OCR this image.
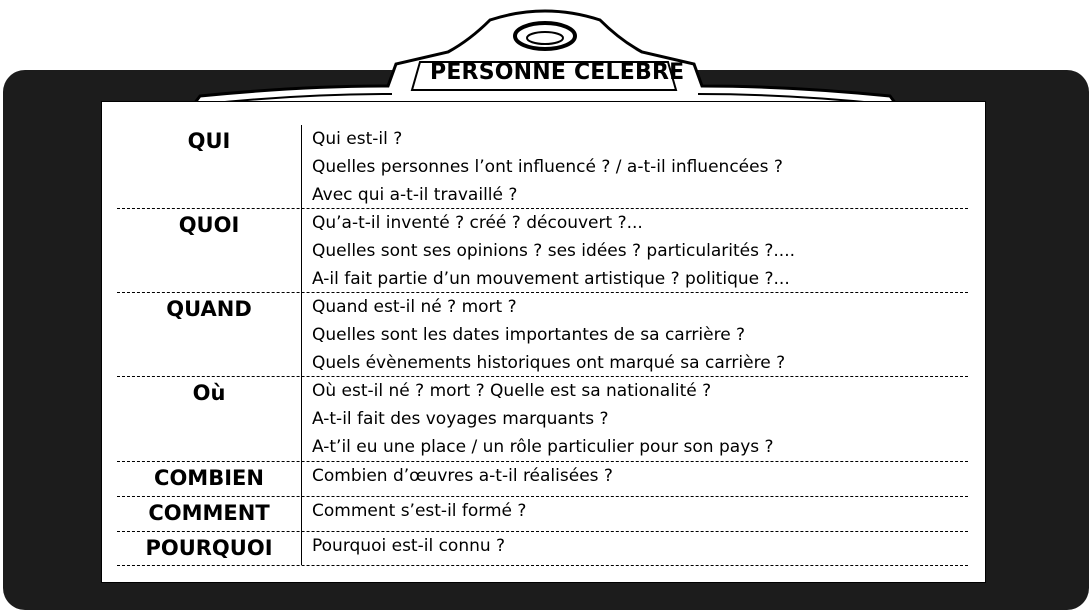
PERSONNE CELEBRE
QUI	Qui est-il ?
Quelles personnes l’ont influencé ? / a-t-il influencées ?
Avec qui a-t-il travaillé ?
QUOI	Qu’a-t-il inventé ? créé ? découvert ?...
Quelles sont ses opinions ? ses idées ? particularités ?....
A-il fait partie d’un mouvement artistique ? politique ?...
QUAND	Quand est-il né ? mort ?
Quelles sont les dates importantes de sa carrière ?
Quels évènements historiques ont marqué sa carrière ?
Où	Où est-il né ? mort ? Quelle est sa nationalité ?
A-t-il fait des voyages marquants ?
A-t’il eu une place / un rôle particulier pour son pays ?
COMBIEN	Combien d’œuvres a-t-il réalisées ?
COMMENT	Comment s’est-il formé ?
POURQUOI	Pourquoi est-il connu ?
